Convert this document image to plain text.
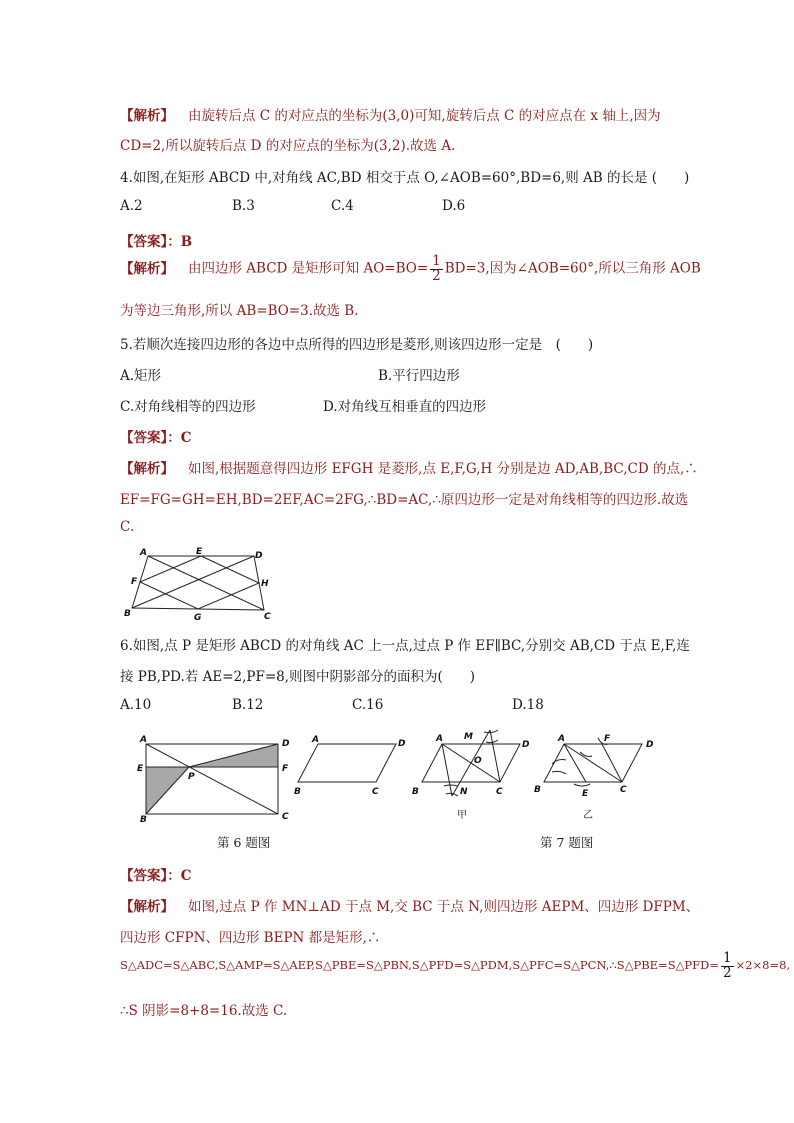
【解析】 由旋转后点 C 的对应点的坐标为(3,0)可知,旋转后点 C 的对应点在 x 轴上,因为
CD=2,所以旋转后点 D 的对应点的坐标为(3,2).故选 A.
4.如图,在矩形 ABCD 中,对角线 AC,BD 相交于点 O,∠AOB=60°,BD=6,则 AB 的长是 (　　)
A.2	B.3	C.4	D.6
【答案】：B
【解析】 由四边形 ABCD 是矩形可知 $AO=BO= \frac{1}{2} BD=3$,因为∠AOB=60°,所以三角形 AOB
为等边三角形,所以 AB=BO=3.故选 B.
5.若顺次连接四边形的各边中点所得的四边形是菱形,则该四边形一定是　(　　)
A.矩形	B.平行四边形
C.对角线相等的四边形	D.对角线互相垂直的四边形
【答案】：C
【解析】 如图,根据题意得四边形 EFGH 是菱形,点 E,F,G,H 分别是边 AD,AB,BC,CD 的点,∴
EF=FG=GH=EH,BD=2EF,AC=2FG,∴BD=AC,∴原四边形一定是对角线相等的四边形.故选
C.
A	E	D
F	H
B	G	C
6.如图,点 P 是矩形 ABCD 的对角线 AC 上一点,过点 P 作 EF∥BC,分别交 AB,CD 于点 E,F,连
接 PB,PD.若 AE=2,PF=8,则图中阴影部分的面积为(　　)
A.10	B.12	C.16	D.18
A	D
E
P
F
B	C
A	D
B	C
A M
D
O
B	N	C
甲
A	F
D
B	E	C
乙
第 6 题图	第 7 题图
【答案】：C
【解析】 如图,过点 P 作 MN⊥AD 于点 M,交 BC 于点 N,则四边形 AEPM、四边形 DFPM、
四边形 CFPN、四边形 BEPN 都是矩形,∴
S△ADC=S△ABC,S△AMP=S△AEP,S△PBE=S△PBN,S△PFD=S△PDM,S△PFC=S△PCN,∴S△PBE=S△PFD= $\frac{1}{2} \times 2\times 8=8$,
∴S 阴影=8+8=16.故选 C.
